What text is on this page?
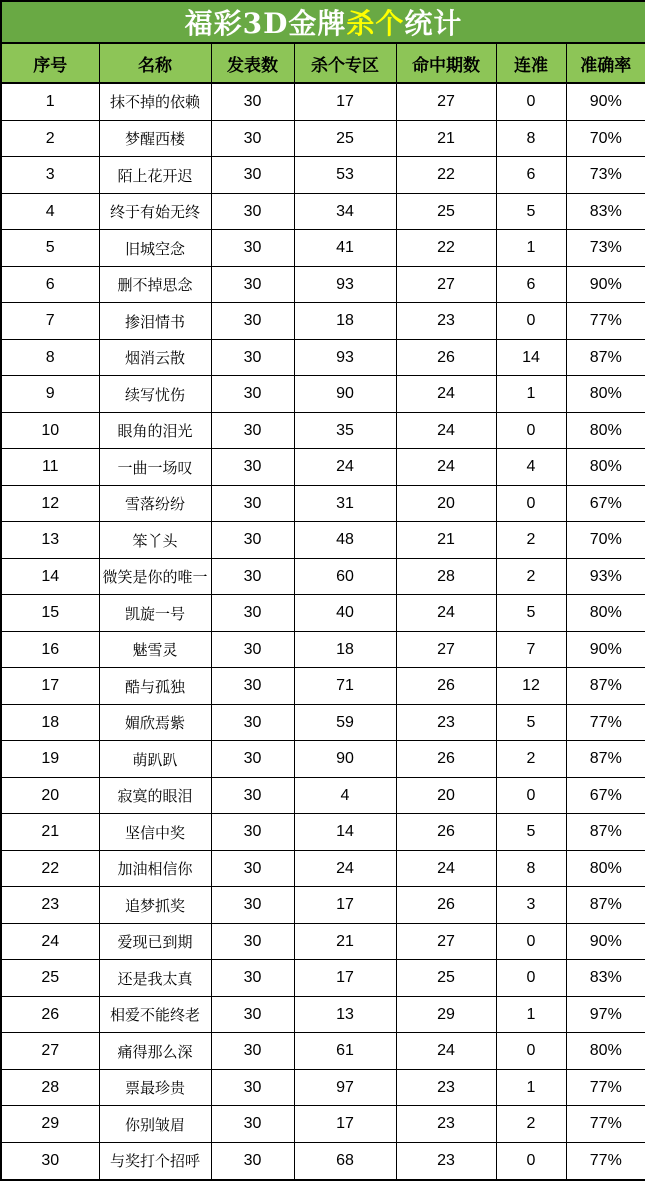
福彩3D金牌杀个统计						
序号	名称	发表数	杀个专区	命中期数	连准	准确率
1	抹不掉的依赖	30	17	27	0	90%
2	梦醒西楼	30	25	21	8	70%
3	陌上花开迟	30	53	22	6	73%
4	终于有始无终	30	34	25	5	83%
5	旧城空念	30	41	22	1	73%
6	删不掉思念	30	93	27	6	90%
7	掺泪情书	30	18	23	0	77%
8	烟消云散	30	93	26	14	87%
9	续写忧伤	30	90	24	1	80%
10	眼角的泪光	30	35	24	0	80%
11	一曲一场叹	30	24	24	4	80%
12	雪落纷纷	30	31	20	0	67%
13	笨丫头	30	48	21	2	70%
14	微笑是你的唯一	30	60	28	2	93%
15	凯旋一号	30	40	24	5	80%
16	魅雪灵	30	18	27	7	90%
17	酷与孤独	30	71	26	12	87%
18	媚欣焉紫	30	59	23	5	77%
19	萌趴趴	30	90	26	2	87%
20	寂寞的眼泪	30	4	20	0	67%
21	坚信中奖	30	14	26	5	87%
22	加油相信你	30	24	24	8	80%
23	追梦抓奖	30	17	26	3	87%
24	爱现已到期	30	21	27	0	90%
25	还是我太真	30	17	25	0	83%
26	相爱不能终老	30	13	29	1	97%
27	痛得那么深	30	61	24	0	80%
28	票最珍贵	30	97	23	1	77%
29	你别皱眉	30	17	23	2	77%
30	与奖打个招呼	30	68	23	0	77%
